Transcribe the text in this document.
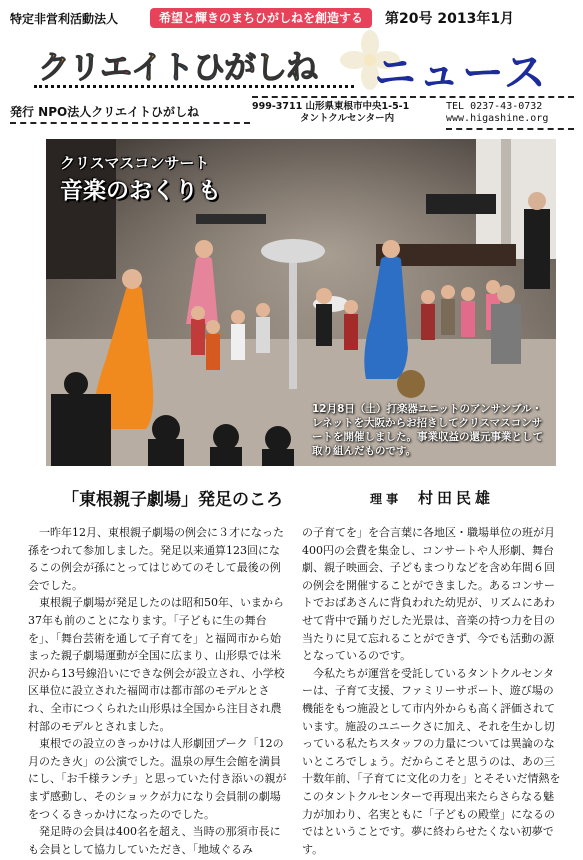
特定非営利活動法人	希望と輝きのまちひがしねを創造する	第20号 2013年1月
クリエイトひがしね ニュース
発行 NPO法人クリエイトひがしね	999-3711 山形県東根市中央1-5-1
タントクルセンター内
TEL 0237-43-0732
www.higashine.org
クリスマスコンサート
音楽のおくりも
12月8日（土）打楽器ユニットのアンサンブル・レネットを大阪からお招きしてクリスマスコンサートを開催しました。事業収益の還元事業として取り組んだものです。
「東根親子劇場」発足のころ	理 事 村田民雄

一昨年12月、東根親子劇場の例会に３才になった孫をつれて参加しました。発足以来通算123回になるこの例会が孫にとってはじめてのそして最後の例会でした。

東根親子劇場が発足したのは昭和50年、いまから37年も前のことになります。「子どもに生の舞台を」、「舞台芸術を通して子育てを」と福岡市から始まった親子劇場運動が全国に広まり、山形県では米沢から13号線沿いにできな例会が設立され、小学校区単位に設立された福岡市は都市部のモデルとされ、全市につくられた山形県は全国から注目され農村部のモデルとされました。

東根での設立のきっかけは人形劇団プーク「12の月のたき火」の公演でした。温泉の厚生会館を満員にし、「お千様ランチ」と思っていた付き添いの親がまず感動し、そのショックが力になり会員制の劇場をつくるきっかけになったのでした。

発足時の会員は400名を超え、当時の那須市長にも会員として協力していただき、「地域ぐるみ

の子育てを」を合言葉に各地区・職場単位の班が月400円の会費を集金し、コンサートや人形劇、舞台劇、親子映画会、子どもまつりなどを含め年間６回の例会を開催することができました。あるコンサートでおばあさんに背負われた幼児が、リズムにあわせて背中で踊りだした光景は、音楽の持つ力を目の当たりに見て忘れることができず、今でも活動の源となっているのです。

今私たちが運営を受託しているタントクルセンターは、子育て支援、ファミリーサポート、遊び場の機能をもつ施設として市内外からも高く評価されています。施設のユニークさに加え、それを生かし切っている私たちスタッフの力量については異論のないところでしょう。だからこそと思うのは、あの三十数年前、「子育てに文化の力を」とそそいだ情熱をこのタントクルセンターで再現出来たらさらなる魅力が加わり、名実ともに「子どもの殿堂」になるのではということです。夢に終わらせたくない初夢です。
